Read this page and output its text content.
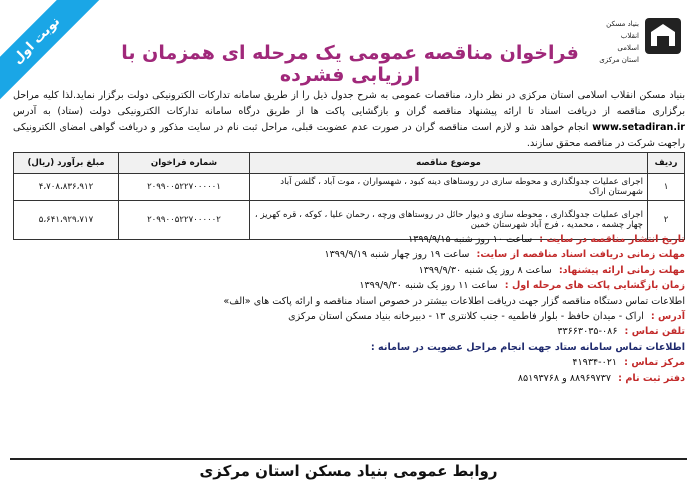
نوبت اول	بنیاد مسکن انقلاب
اسلامی
استان مرکزی
فراخوان مناقصه عمومی یک مرحله ای همزمان با ارزیابی فشرده
بنیاد مسکن انقلاب اسلامی استان مرکزی در نظر دارد، مناقصات عمومی به شرح جدول ذیل را از طریق سامانه تدارکات الکترونیکی دولت برگزار نماید.لذا کلیه مراحل برگزاری مناقصه از دریافت اسناد تا ارائه پیشنهاد مناقصه گران و بازگشایی پاکت ها از طریق درگاه سامانه تدارکات الکترونیکی دولت (ستاد) به آدرس www.setadiran.ir انجام خواهد شد و لازم است مناقصه گران در صورت عدم عضویت قبلی، مراحل ثبت نام در سایت مذکور و دریافت گواهی امضای الکترونیکی راجهت شرکت در مناقصه محقق سازند.
ردیف	موضوع مناقصه	شماره فراخوان	مبلغ برآورد (ریال)
۱	اجرای عملیات جدولگذاری و محوطه سازی در روستاهای دینه کبود ، شهسواران ، موت آباد ، گلشن آباد شهرستان اراک	۲۰۹۹۰۰۵۲۲۷۰۰۰۰۰۱	۴،۷۰۸،۸۳۶،۹۱۲
۲	اجرای عملیات جدولگذاری ، محوطه سازی و دیوار حائل در روستاهای ورچه ، رحمان علیا ، کوکه ، قره کهریز ، چهار چشمه ، محمدیه ، فرج آباد شهرستان خمین	۲۰۹۹۰۰۵۲۲۷۰۰۰۰۰۲	۵،۶۴۱،۹۲۹،۷۱۷
تاریخ انتشار مناقصه در سایت : ساعت ۱۰ روز شنبه ۱۳۹۹/۹/۱۵
مهلت زمانی دریافت اسناد مناقصه از سایت: ساعت ۱۹ روز چهار شنبه ۱۳۹۹/۹/۱۹
مهلت زمانی ارائه پیشنهاد: ساعت ۸ روز یک شنبه ۱۳۹۹/۹/۳۰
زمان بازگشایی پاکت های مرحله اول : ساعت ۱۱ روز یک شنبه ۱۳۹۹/۹/۳۰
اطلاعات تماس دستگاه مناقصه گزار جهت دریافت اطلاعات بیشتر در خصوص اسناد مناقصه و ارائه پاکت های «الف»
آدرس : اراک - میدان حافظ - بلوار فاطمیه - جنب کلانتری ۱۳ - دبیرخانه بنیاد مسکن استان مرکزی
تلفن تماس : ۰۸۶-۳۳۶۶۳۰۳۵
اطلاعات تماس سامانه ستاد جهت انجام مراحل عضویت در سامانه :
مرکز تماس : ۰۲۱-۴۱۹۳۴
دفتر ثبت نام : ۸۸۹۶۹۷۳۷ و ۸۵۱۹۳۷۶۸
روابط عمومی بنیاد مسکن استان مرکزی
